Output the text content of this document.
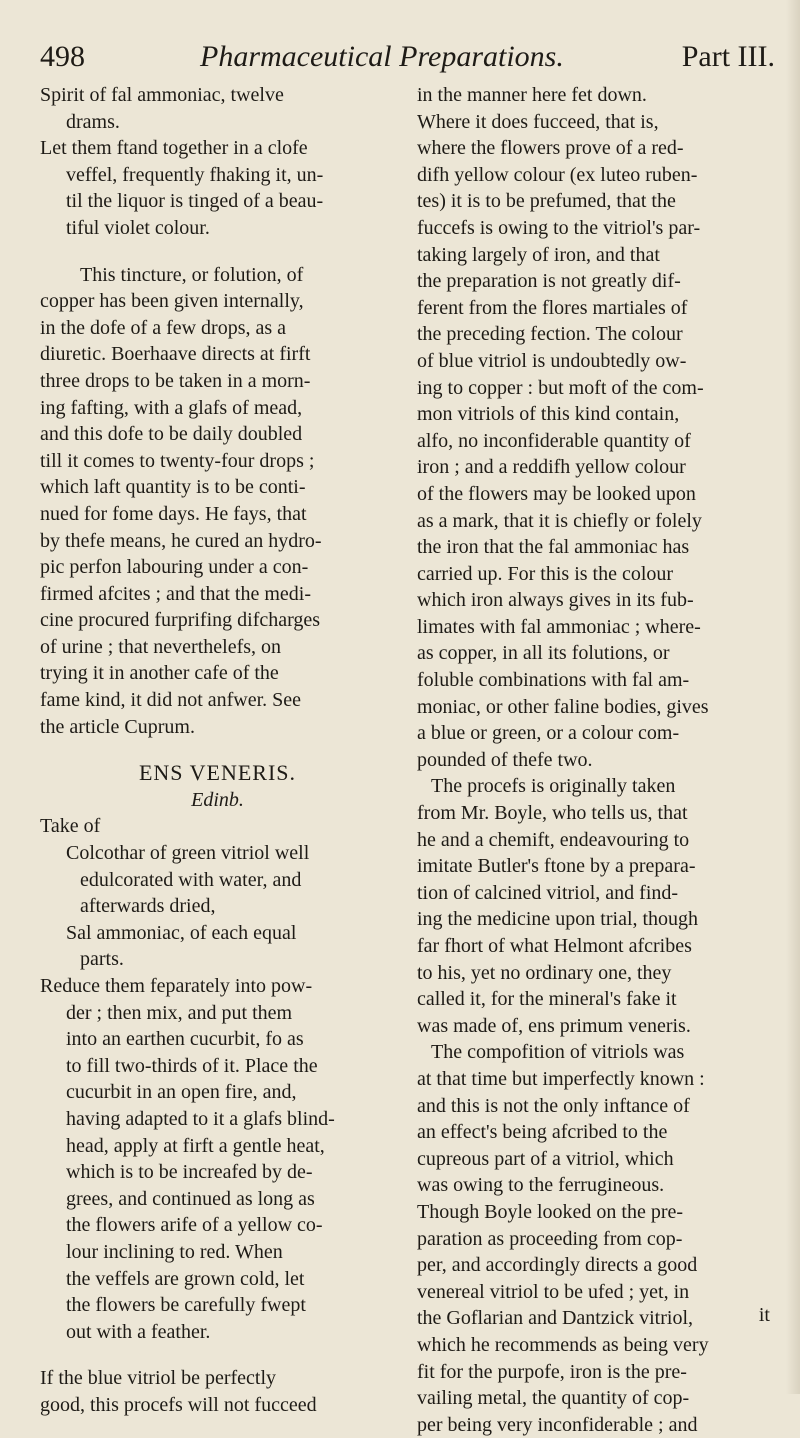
498	Pharmaceutical Preparations.	Part III.
Spirit of fal ammoniac, twelve
drams.
Let them ftand together in a clofe
veffel, frequently fhaking it, un-
til the liquor is tinged of a beau-
tiful violet colour.
This tincture, or folution, of
copper has been given internally,
in the dofe of a few drops, as a
diuretic. Boerhaave directs at firft
three drops to be taken in a morn-
ing fafting, with a glafs of mead,
and this dofe to be daily doubled
till it comes to twenty-four drops ;
which laft quantity is to be conti-
nued for fome days. He fays, that
by thefe means, he cured an hydro-
pic perfon labouring under a con-
firmed afcites ; and that the medi-
cine procured furprifing difcharges
of urine ; that neverthelefs, on
trying it in another cafe of the
fame kind, it did not anfwer. See
the article Cuprum.
ENS VENERIS.
Edinb.
Take of
Colcothar of green vitriol well
edulcorated with water, and
afterwards dried,
Sal ammoniac, of each equal
parts.
Reduce them feparately into pow-
der ; then mix, and put them
into an earthen cucurbit, fo as
to fill two-thirds of it. Place the
cucurbit in an open fire, and,
having adapted to it a glafs blind-
head, apply at firft a gentle heat,
which is to be increafed by de-
grees, and continued as long as
the flowers arife of a yellow co-
lour inclining to red. When
the veffels are grown cold, let
the flowers be carefully fwept
out with a feather.
If the blue vitriol be perfectly
good, this procefs will not fucceed
in the manner here fet down.
Where it does fucceed, that is,
where the flowers prove of a red-
difh yellow colour (ex luteo ruben-
tes) it is to be prefumed, that the
fuccefs is owing to the vitriol's par-
taking largely of iron, and that
the preparation is not greatly dif-
ferent from the flores martiales of
the preceding fection. The colour
of blue vitriol is undoubtedly ow-
ing to copper : but moft of the com-
mon vitriols of this kind contain,
alfo, no inconfiderable quantity of
iron ; and a reddifh yellow colour
of the flowers may be looked upon
as a mark, that it is chiefly or folely
the iron that the fal ammoniac has
carried up. For this is the colour
which iron always gives in its fub-
limates with fal ammoniac ; where-
as copper, in all its folutions, or
foluble combinations with fal am-
moniac, or other faline bodies, gives
a blue or green, or a colour com-
pounded of thefe two.
The procefs is originally taken
from Mr. Boyle, who tells us, that
he and a chemift, endeavouring to
imitate Butler's ftone by a prepara-
tion of calcined vitriol, and find-
ing the medicine upon trial, though
far fhort of what Helmont afcribes
to his, yet no ordinary one, they
called it, for the mineral's fake it
was made of, ens primum veneris.
The compofition of vitriols was
at that time but imperfectly known :
and this is not the only inftance of
an effect's being afcribed to the
cupreous part of a vitriol, which
was owing to the ferrugineous.
Though Boyle looked on the pre-
paration as proceeding from cop-
per, and accordingly directs a good
venereal vitriol to be ufed ; yet, in
the Goflarian and Dantzick vitriol,
which he recommends as being very
fit for the purpofe, iron is the pre-
vailing metal, the quantity of cop-
per being very inconfiderable ; and
it
